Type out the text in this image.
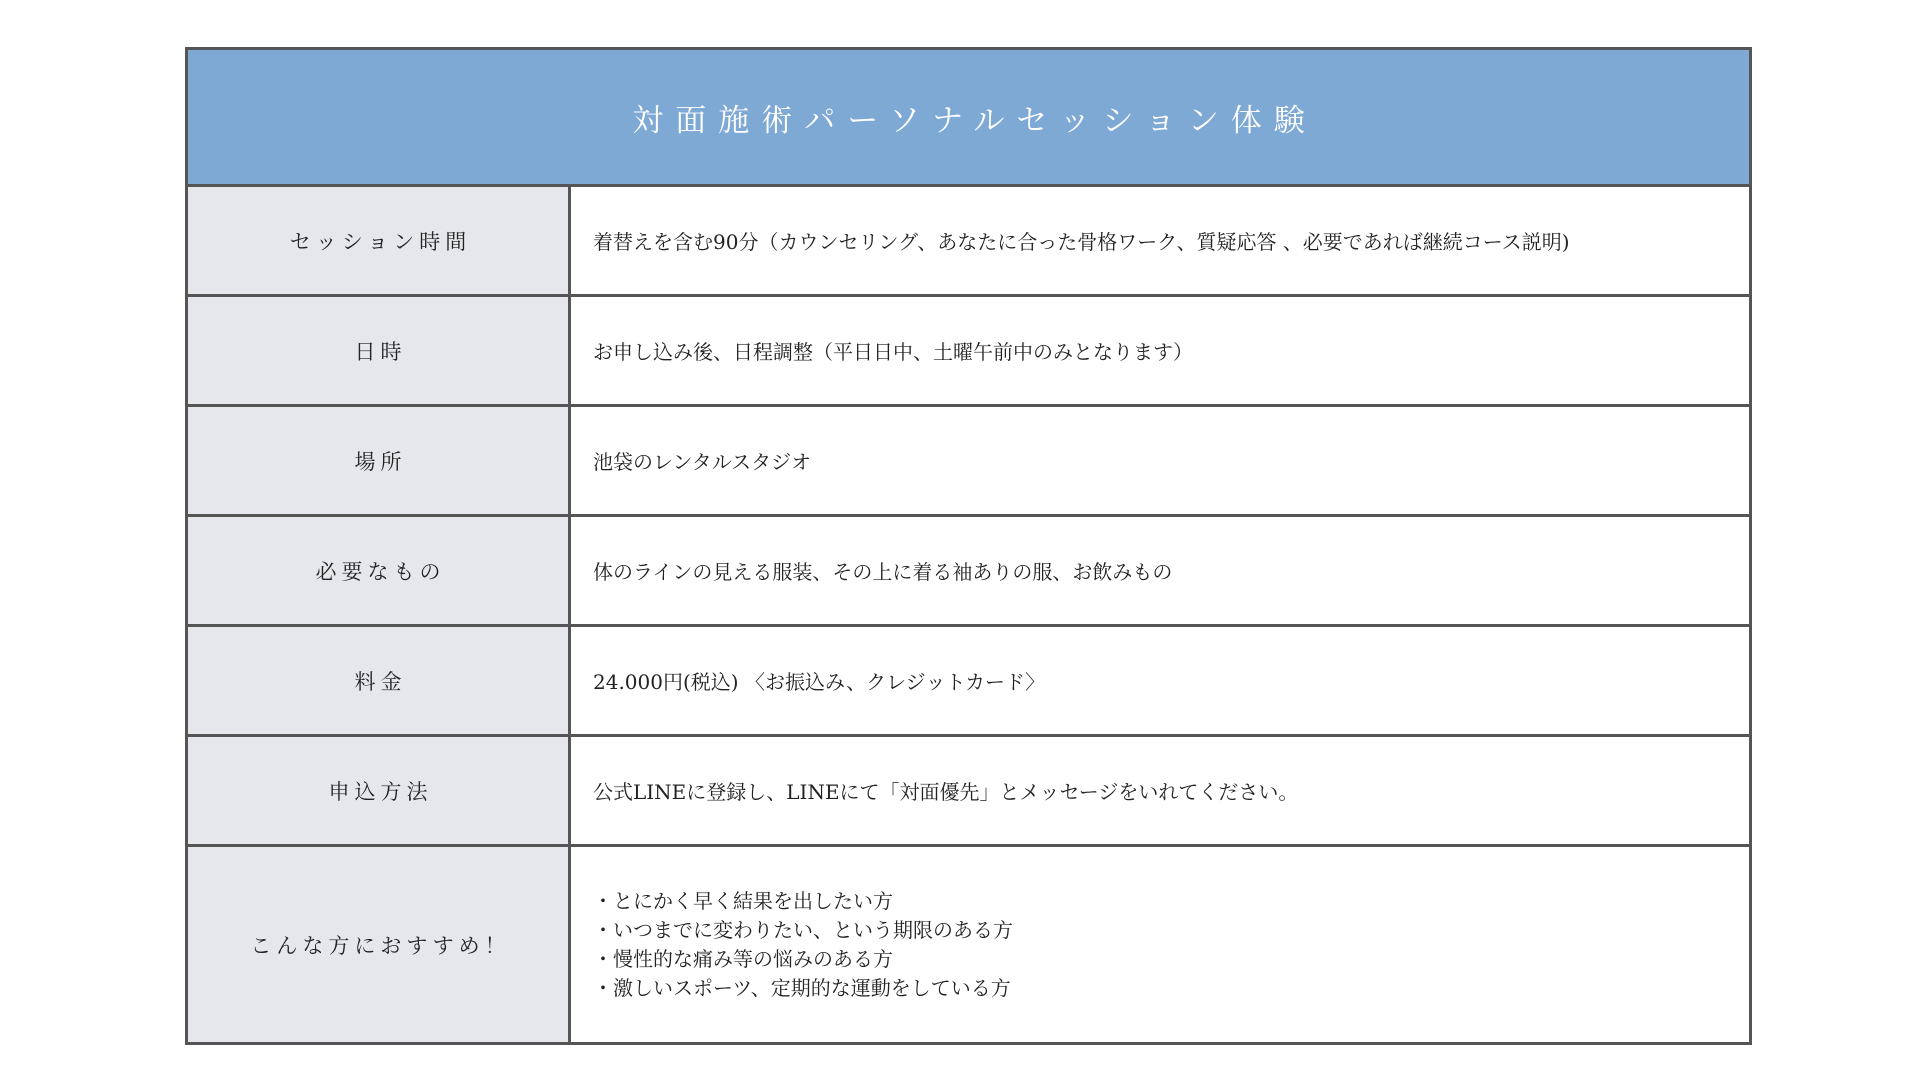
対面施術パーソナルセッション体験
セッション時間	着替えを含む90分（カウンセリング、あなたに合った骨格ワーク、質疑応答 、必要であれば継続コース説明)
日時	お申し込み後、日程調整（平日日中、土曜午前中のみとなります）
場所	池袋のレンタルスタジオ
必要なもの	体のラインの見える服装、その上に着る袖ありの服、お飲みもの
料金	24.000円(税込) 〈お振込み、クレジットカード〉
申込方法	公式LINEに登録し、LINEにて「対面優先」とメッセージをいれてください。
こんな方におすすめ！
・とにかく早く結果を出したい方
・いつまでに変わりたい、という期限のある方
・慢性的な痛み等の悩みのある方
・激しいスポーツ、定期的な運動をしている方
